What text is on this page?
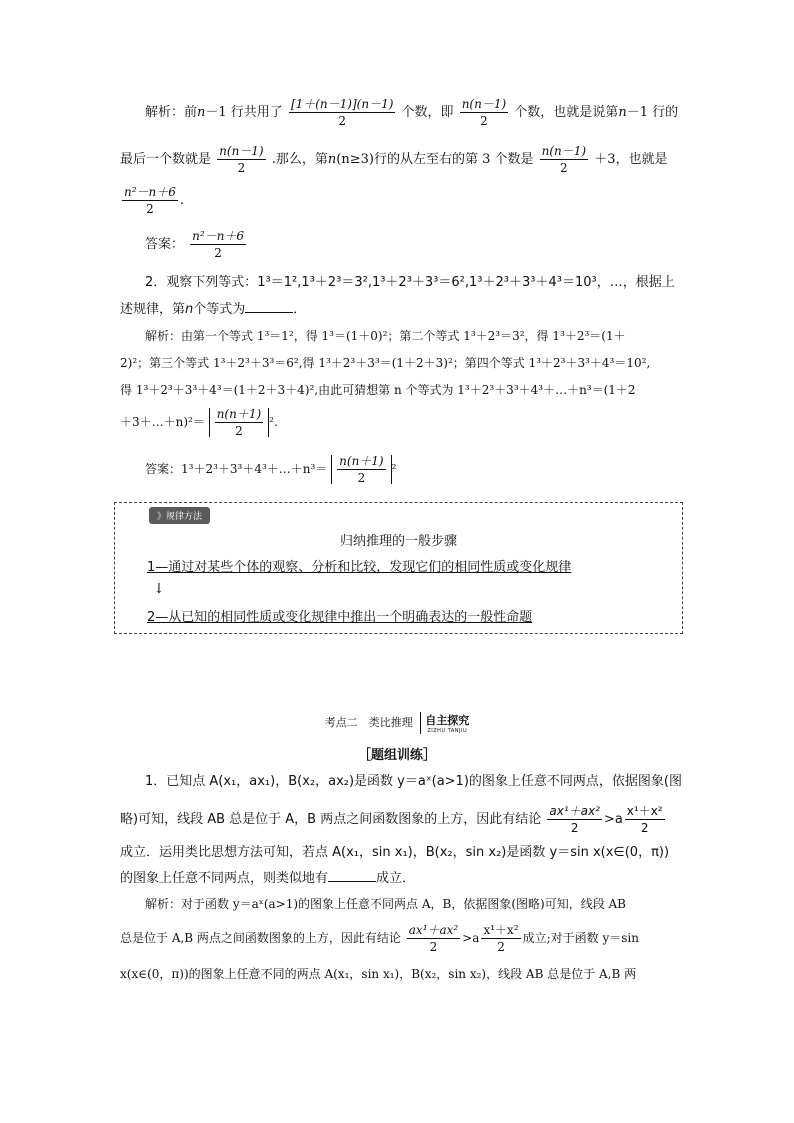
解析：前n－1 行共用了 $\frac{[1+(n-1)](n-1)}{2}$ 个数，即 $\frac{n(n-1)}{2}$ 个数，也就是说第n－1 行的
最后一个数就是 $\frac{n(n-1)}{2}$ .那么，第n(n≥3)行的从左至右的第 3 个数是 $\frac{n(n-1)}{2} +3$，也就是
$\frac{\text{n²－n＋6}}{2}$ .
答案： $\frac{\text{n²－n＋6}}{2}$
2．观察下列等式：1³＝1²,1³＋2³＝3²,1³＋2³＋3³＝6²,1³＋2³＋3³＋4³＝10³，…，根据上
述规律，第n个等式为	．
解析：由第一个等式 1³＝1²，得 1³＝(1＋0)²；第二个等式 1³＋2³＝3²，得 1³＋2³＝(1＋
2)²；第三个等式 1³＋2³＋3³＝6²,得 1³＋2³＋3³＝(1＋2＋3)²；第四个等式 1³＋2³＋3³＋4³＝10²,
得 1³＋2³＋3³＋4³＝(1＋2＋3＋4)²,由此可猜想第 n 个等式为 1³＋2³＋3³＋4³＋…＋n³＝(1＋2
＋3＋…＋n)²＝ $\frac{n(n+1)}{2} ^2$.
答案：1³＋2³＋3³＋4³＋…＋n³＝ $\frac{n(n+1)}{2} ^2$
》规律方法
归纳推理的一般步骤
1—通过对某些个体的观察、分析和比较，发现它们的相同性质或变化规律
↓
2—从已知的相同性质或变化规律中推出一个明确表达的一般性命题
考点二　类比推理 自主探究
ZIZHU TANJIU
［题组训练］
1．已知点 A(x₁，ax₁)，B(x₂，ax₂)是函数 y＝aˣ(a>1)的图象上任意不同两点，依据图象(图
略)可知，线段 AB 总是位于 A，B 两点之间函数图象的上方，因此有结论 $\frac{\text{ax¹＋ax²}}{2} >a \frac{\text{x¹＋x²}}{2}$
成立．运用类比思想方法可知，若点 A(x₁，sin x₁)，B(x₂，sin x₂)是函数 y＝sin x(x∈(0，π))
的图象上任意不同两点，则类似地有	成立．
解析：对于函数 y＝aˣ(a>1)的图象上任意不同两点 A，B，依据图象(图略)可知，线段 AB
总是位于 A,B 两点之间函数图象的上方，因此有结论 $\frac{\text{ax¹＋ax²}}{2} >a \frac{\text{x¹＋x²}}{2}$ 成立;对于函数 y＝sin
x(x∈(0，π))的图象上任意不同的两点 A(x₁，sin x₁)，B(x₂，sin x₂)，线段 AB 总是位于 A,B 两
